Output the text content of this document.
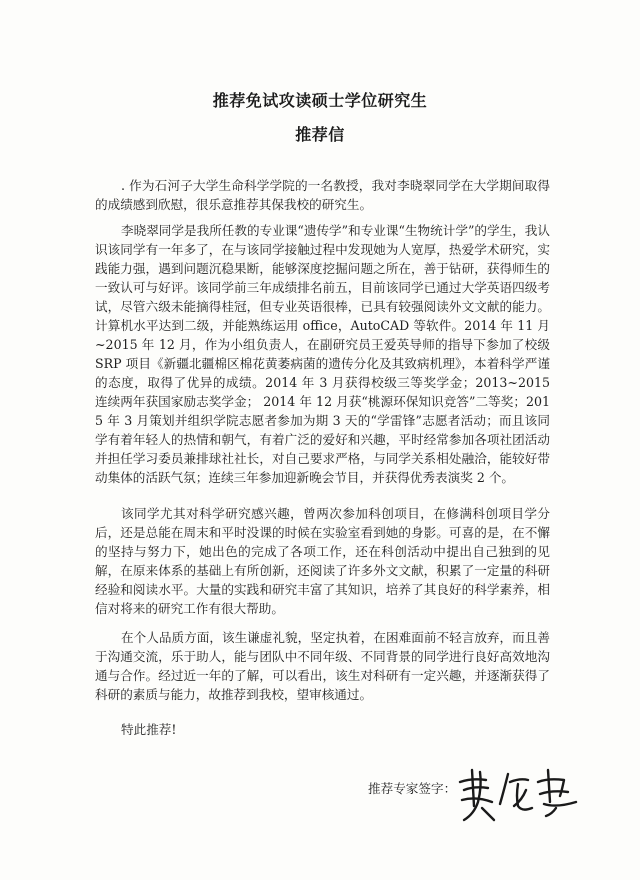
推荐免试攻读硕士学位研究生
推荐信

. 作为石河子大学生命科学学院的一名教授，我对李晓翠同学在大学期间取得的成绩感到欣慰，很乐意推荐其保我校的研究生。

李晓翠同学是我所任教的专业课“遗传学”和专业课“生物统计学”的学生，我认识该同学有一年多了，在与该同学接触过程中发现她为人宽厚，热爱学术研究，实践能力强，遇到问题沉稳果断，能够深度挖掘问题之所在，善于钻研，获得师生的一致认可与好评。该同学前三年成绩排名前五，目前该同学已通过大学英语四级考试，尽管六级未能摘得桂冠，但专业英语很棒，已具有较强阅读外文文献的能力。计算机水平达到二级，并能熟练运用 office，AutoCAD 等软件。2014 年 11 月~2015 年 12 月，作为小组负责人，在副研究员王爱英导师的指导下参加了校级 SRP 项目《新疆北疆棉区棉花黄萎病菌的遗传分化及其致病机理》，本着科学严谨的态度，取得了优异的成绩。2014 年 3 月获得校级三等奖学金；2013~2015 连续两年获国家励志奖学金； 2014 年 12 月获“桃源环保知识竞答”二等奖；2015 年 3 月策划并组织学院志愿者参加为期 3 天的“学雷锋”志愿者活动；而且该同学有着年轻人的热情和朝气，有着广泛的爱好和兴趣，平时经常参加各项社团活动并担任学习委员兼排球社社长，对自己要求严格，与同学关系相处融洽，能较好带动集体的活跃气氛；连续三年参加迎新晚会节目，并获得优秀表演奖 2 个。

该同学尤其对科学研究感兴趣，曾两次参加科创项目，在修满科创项目学分后，还是总能在周末和平时没课的时候在实验室看到她的身影。可喜的是，在不懈的坚持与努力下，她出色的完成了各项工作，还在科创活动中提出自己独到的见解，在原来体系的基础上有所创新，还阅读了许多外文文献，积累了一定量的科研经验和阅读水平。大量的实践和研究丰富了其知识，培养了其良好的科学素养，相信对将来的研究工作有很大帮助。

在个人品质方面，该生谦虚礼貌，坚定执着，在困难面前不轻言放弃，而且善于沟通交流，乐于助人，能与团队中不同年级、不同背景的同学进行良好高效地沟通与合作。经过近一年的了解，可以看出，该生对科研有一定兴趣，并逐渐获得了科研的素质与能力，故推荐到我校，望审核通过。

特此推荐!

推荐专家签字：
